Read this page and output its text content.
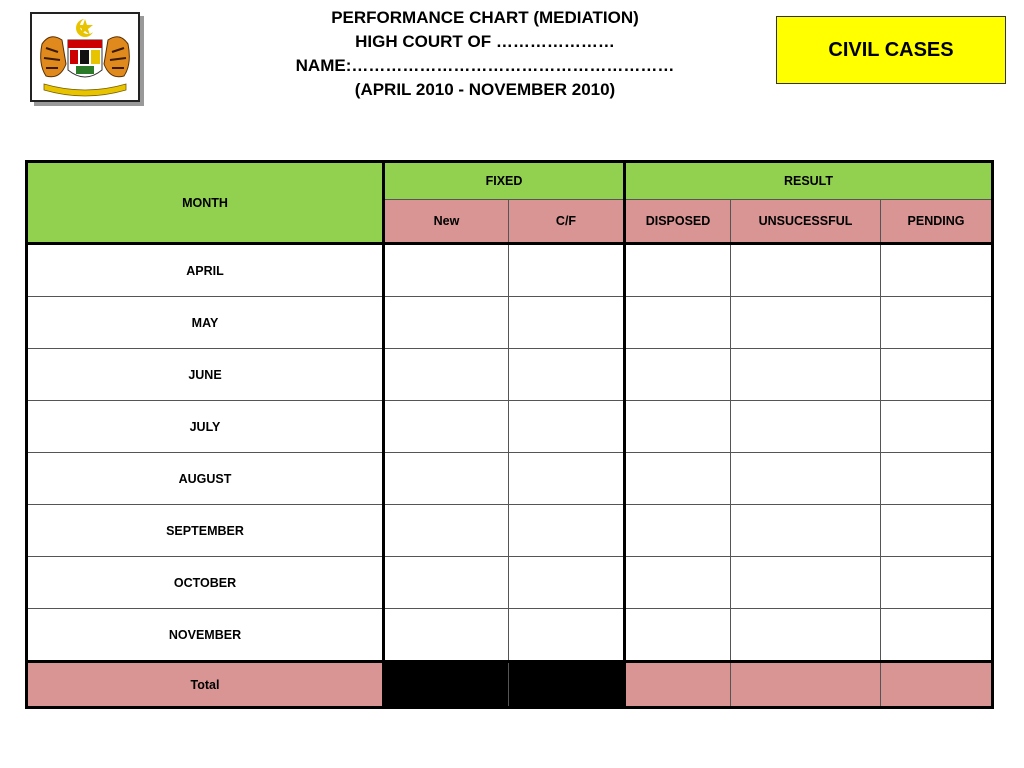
PERFORMANCE CHART (MEDIATION)
HIGH COURT OF …………………
NAME:…………………………………………………
(APRIL 2010 - NOVEMBER 2010)
CIVIL CASES
MONTH	FIXED		RESULT		
	New	C/F	DISPOSED	UNSUCESSFUL	PENDING
APRIL					
MAY					
JUNE					
JULY					
AUGUST					
SEPTEMBER					
OCTOBER					
NOVEMBER					
Total					
